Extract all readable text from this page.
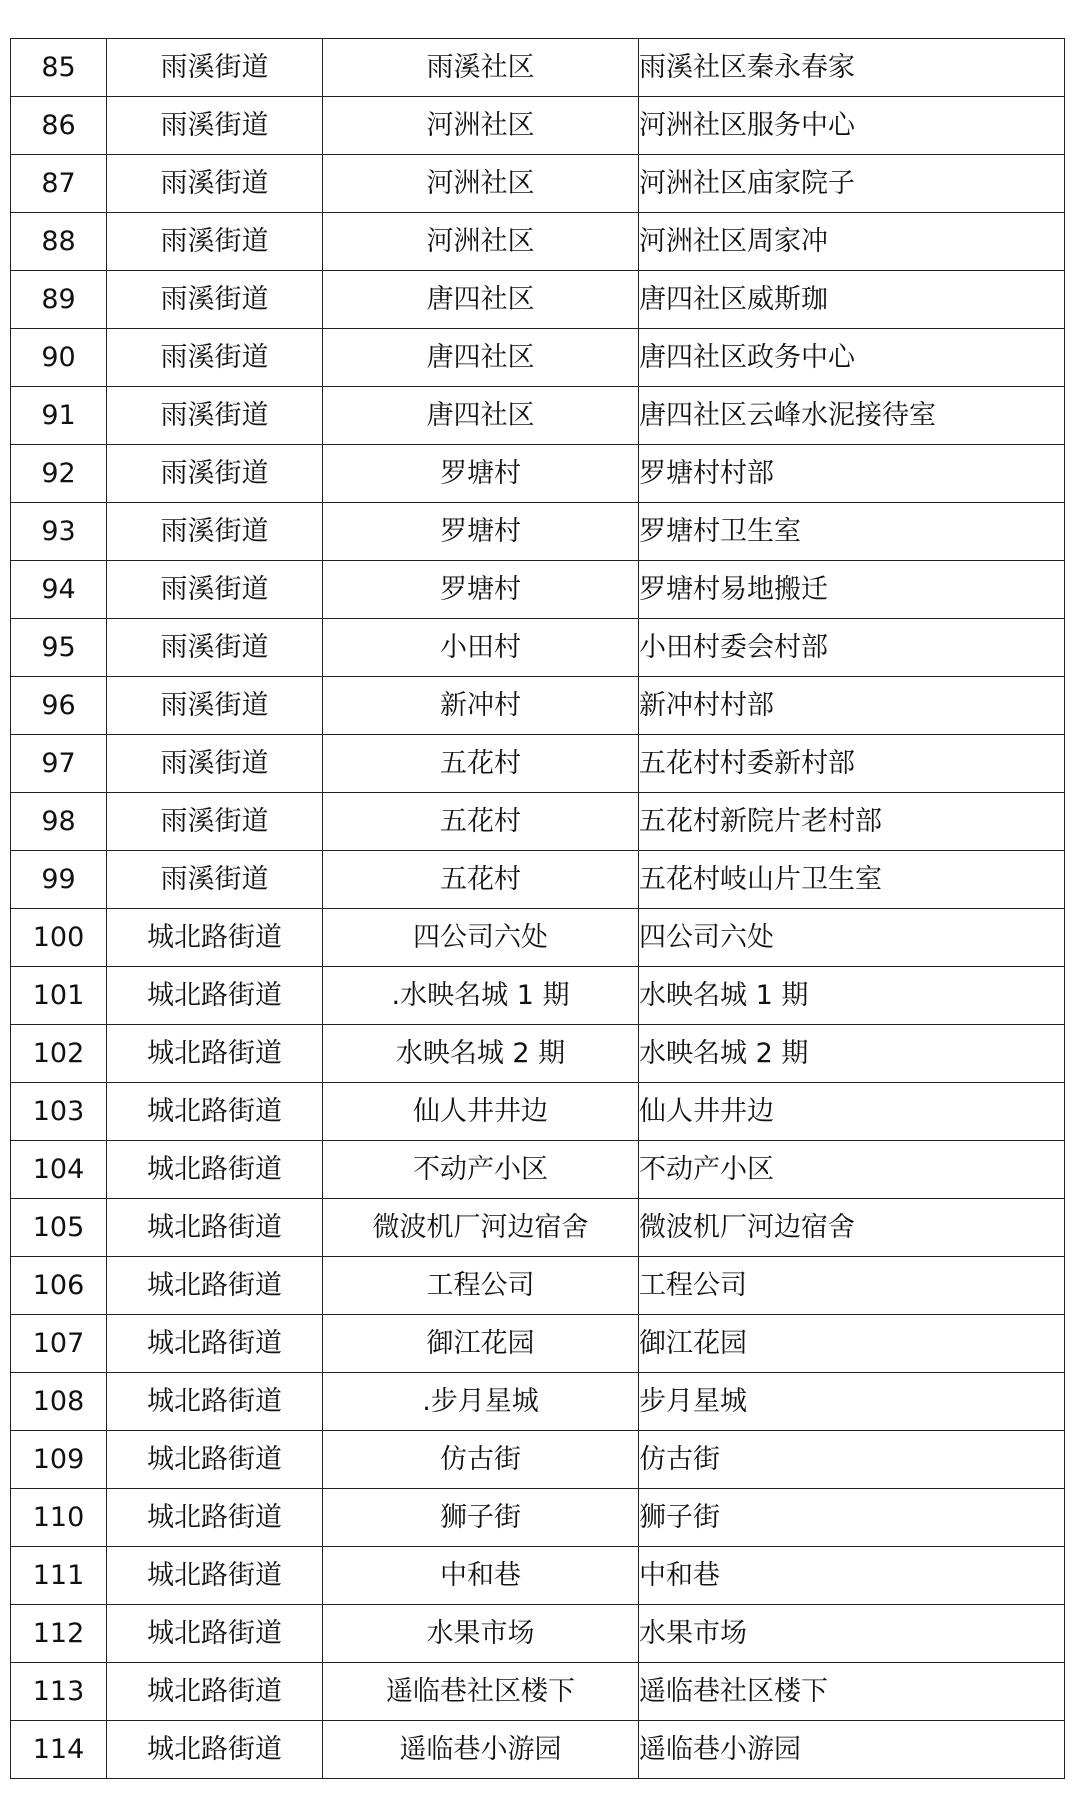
85	雨溪街道	雨溪社区	雨溪社区秦永春家
86	雨溪街道	河洲社区	河洲社区服务中心
87	雨溪街道	河洲社区	河洲社区庙家院子
88	雨溪街道	河洲社区	河洲社区周家冲
89	雨溪街道	唐四社区	唐四社区威斯珈
90	雨溪街道	唐四社区	唐四社区政务中心
91	雨溪街道	唐四社区	唐四社区云峰水泥接待室
92	雨溪街道	罗塘村	罗塘村村部
93	雨溪街道	罗塘村	罗塘村卫生室
94	雨溪街道	罗塘村	罗塘村易地搬迁
95	雨溪街道	小田村	小田村委会村部
96	雨溪街道	新冲村	新冲村村部
97	雨溪街道	五花村	五花村村委新村部
98	雨溪街道	五花村	五花村新院片老村部
99	雨溪街道	五花村	五花村岐山片卫生室
100	城北路街道	四公司六处	四公司六处
101	城北路街道	.水映名城 1 期	水映名城 1 期
102	城北路街道	水映名城 2 期	水映名城 2 期
103	城北路街道	仙人井井边	仙人井井边
104	城北路街道	不动产小区	不动产小区
105	城北路街道	微波机厂河边宿舍	微波机厂河边宿舍
106	城北路街道	工程公司	工程公司
107	城北路街道	御江花园	御江花园
108	城北路街道	.步月星城	步月星城
109	城北路街道	仿古街	仿古街
110	城北路街道	狮子街	狮子街
111	城北路街道	中和巷	中和巷
112	城北路街道	水果市场	水果市场
113	城北路街道	遥临巷社区楼下	遥临巷社区楼下
114	城北路街道	遥临巷小游园	遥临巷小游园
